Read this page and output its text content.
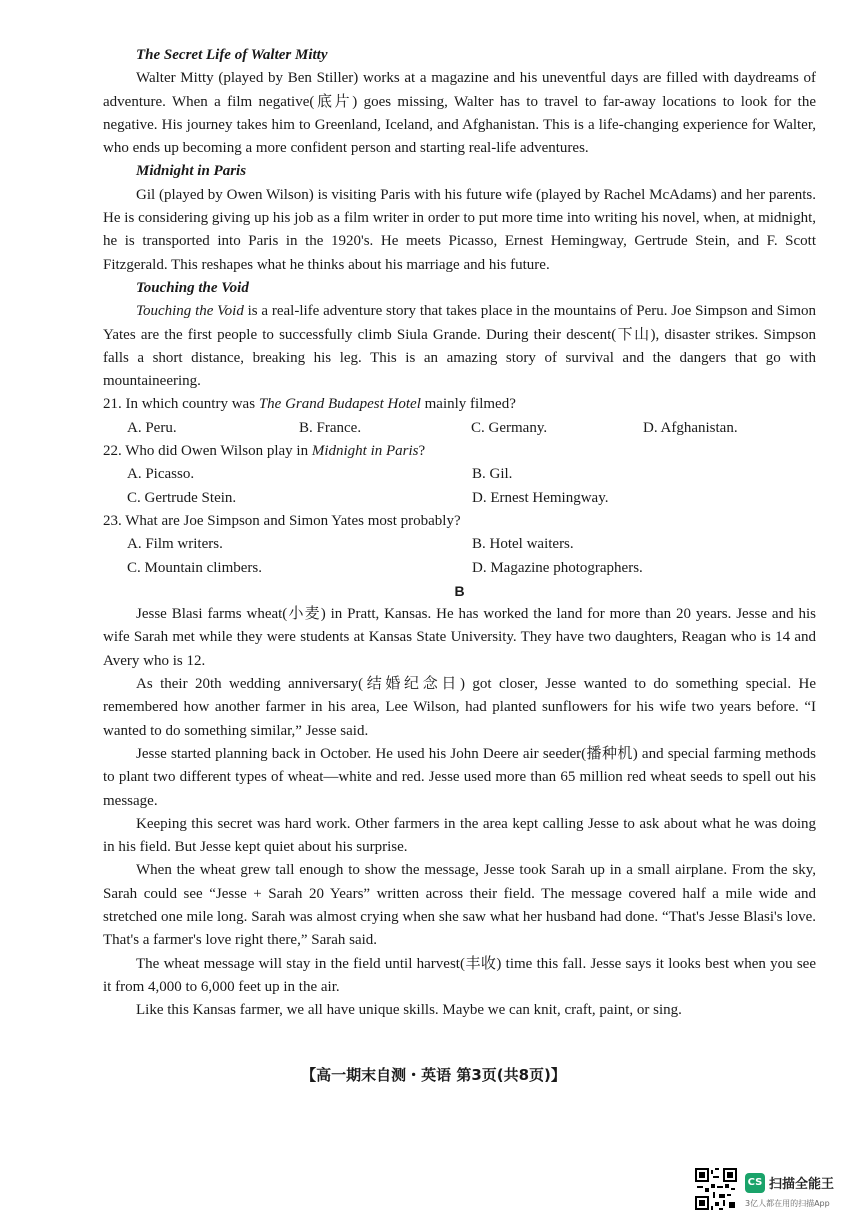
The Secret Life of Walter Mitty
Walter Mitty (played by Ben Stiller) works at a magazine and his uneventful days are filled with daydreams of adventure. When a film negative(底片) goes missing, Walter has to travel to far-away locations to look for the negative. His journey takes him to Greenland, Iceland, and Afghanistan. This is a life-changing experience for Walter, who ends up becoming a more confident person and starting real-life adventures.
Midnight in Paris
Gil (played by Owen Wilson) is visiting Paris with his future wife (played by Rachel McAdams) and her parents. He is considering giving up his job as a film writer in order to put more time into writing his novel, when, at midnight, he is transported into Paris in the 1920's. He meets Picasso, Ernest Hemingway, Gertrude Stein, and F. Scott Fitzgerald. This reshapes what he thinks about his marriage and his future.
Touching the Void
Touching the Void is a real-life adventure story that takes place in the mountains of Peru. Joe Simpson and Simon Yates are the first people to successfully climb Siula Grande. During their descent(下山), disaster strikes. Simpson falls a short distance, breaking his leg. This is an amazing story of survival and the dangers that go with mountaineering.
21. In which country was The Grand Budapest Hotel mainly filmed?
A. Peru.	B. France.	C. Germany.	D. Afghanistan.
22. Who did Owen Wilson play in Midnight in Paris?
A. Picasso.	B. Gil.
C. Gertrude Stein.	D. Ernest Hemingway.
23. What are Joe Simpson and Simon Yates most probably?
A. Film writers.	B. Hotel waiters.
C. Mountain climbers.	D. Magazine photographers.
B
Jesse Blasi farms wheat(小麦) in Pratt, Kansas. He has worked the land for more than 20 years. Jesse and his wife Sarah met while they were students at Kansas State University. They have two daughters, Reagan who is 14 and Avery who is 12.
As their 20th wedding anniversary(结婚纪念日) got closer, Jesse wanted to do something special. He remembered how another farmer in his area, Lee Wilson, had planted sunflowers for his wife two years before. “I wanted to do something similar,” Jesse said.
Jesse started planning back in October. He used his John Deere air seeder(播种机) and special farming methods to plant two different types of wheat—white and red. Jesse used more than 65 million red wheat seeds to spell out his message.
Keeping this secret was hard work. Other farmers in the area kept calling Jesse to ask about what he was doing in his field. But Jesse kept quiet about his surprise.
When the wheat grew tall enough to show the message, Jesse took Sarah up in a small airplane. From the sky, Sarah could see “Jesse + Sarah 20 Years” written across their field. The message covered half a mile wide and stretched one mile long. Sarah was almost crying when she saw what her husband had done. “That's Jesse Blasi's love. That's a farmer's love right there,” Sarah said.
The wheat message will stay in the field until harvest(丰收) time this fall. Jesse says it looks best when you see it from 4,000 to 6,000 feet up in the air.
Like this Kansas farmer, we all have unique skills. Maybe we can knit, craft, paint, or sing.
【高一期末自测・英语 第3页(共8页)】
CS 扫描全能王
3亿人都在用的扫描App
